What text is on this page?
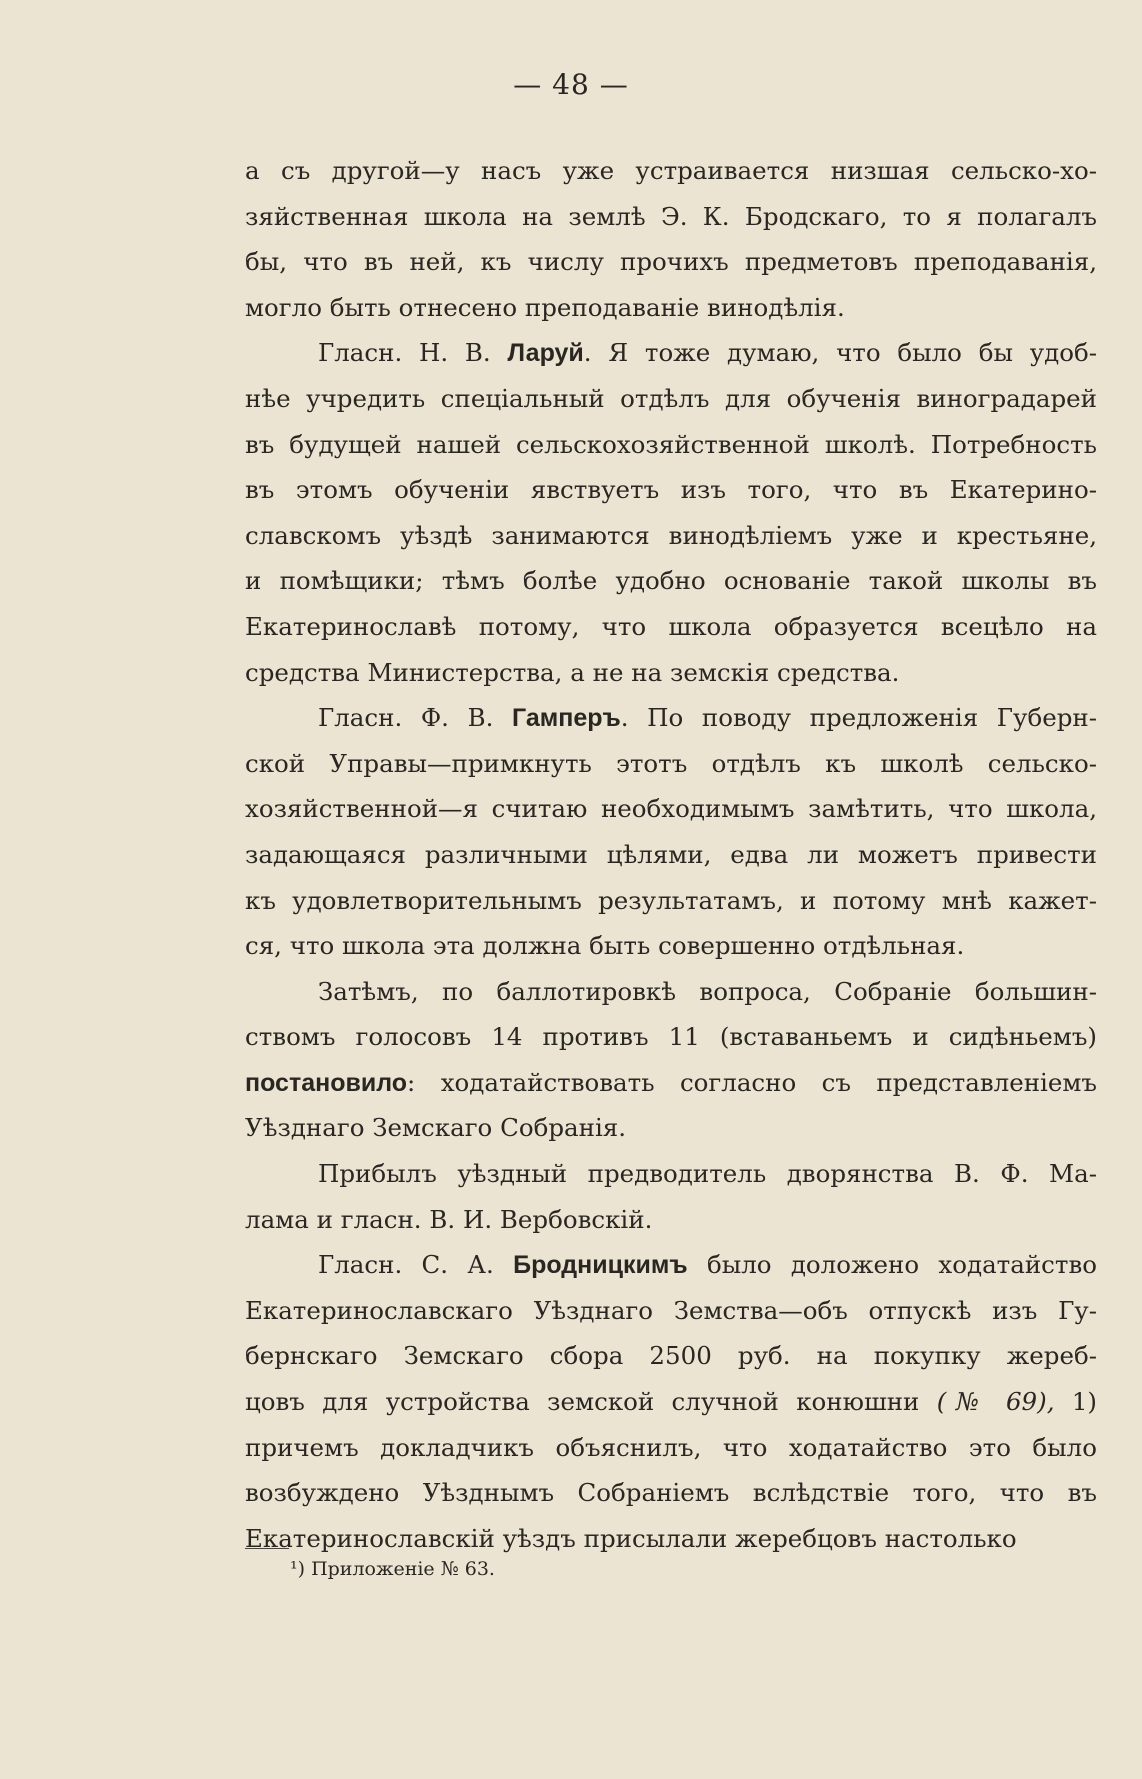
— 48 —
а съ другой—у насъ уже устраивается низшая сельско-хо-
зяйственная школа на землѣ Э. К. Бродскаго, то я полагалъ
бы, что въ ней, къ числу прочихъ предметовъ преподаванія,
могло быть отнесено преподаваніе винодѣлія.
Гласн. Н. В. Ларуй. Я тоже думаю, что было бы удоб-
нѣе учредить спеціальный отдѣлъ для обученія виноградарей
въ будущей нашей сельскохозяйственной школѣ. Потребность
въ этомъ обученіи явствуетъ изъ того, что въ Екатерино-
славскомъ уѣздѣ занимаются винодѣліемъ уже и крестьяне,
и помѣщики; тѣмъ болѣе удобно основаніе такой школы въ
Екатеринославѣ потому, что школа образуется всецѣло на
средства Министерства, а не на земскія средства.
Гласн. Ф. В. Гамперъ. По поводу предложенія Губерн-
ской Управы—примкнуть этотъ отдѣлъ къ школѣ сельско-
хозяйственной—я считаю необходимымъ замѣтить, что школа,
задающаяся различными цѣлями, едва ли можетъ привести
къ удовлетворительнымъ результатамъ, и потому мнѣ кажет-
ся, что школа эта должна быть совершенно отдѣльная.
Затѣмъ, по баллотировкѣ вопроса, Собраніе большин-
ствомъ голосовъ 14 противъ 11 (вставаньемъ и сидѣньемъ)
постановило: ходатайствовать согласно съ представленіемъ
Уѣзднаго Земскаго Собранія.
Прибылъ уѣздный предводитель дворянства В. Ф. Ма-
лама и гласн. В. И. Вербовскій.
Гласн. С. А. Бродницкимъ было доложено ходатайство
Екатеринославскаго Уѣзднаго Земства—объ отпускѣ изъ Гу-
бернскаго Земскаго сбора 2500 руб. на покупку жереб-
цовъ для устройства земской случной конюшни (№ 69), 1)
причемъ докладчикъ объяснилъ, что ходатайство это было
возбуждено Уѣзднымъ Собраніемъ вслѣдствіе того, что въ
Екатеринославскій уѣздъ присылали жеребцовъ настолько
¹) Приложеніе № 63.
